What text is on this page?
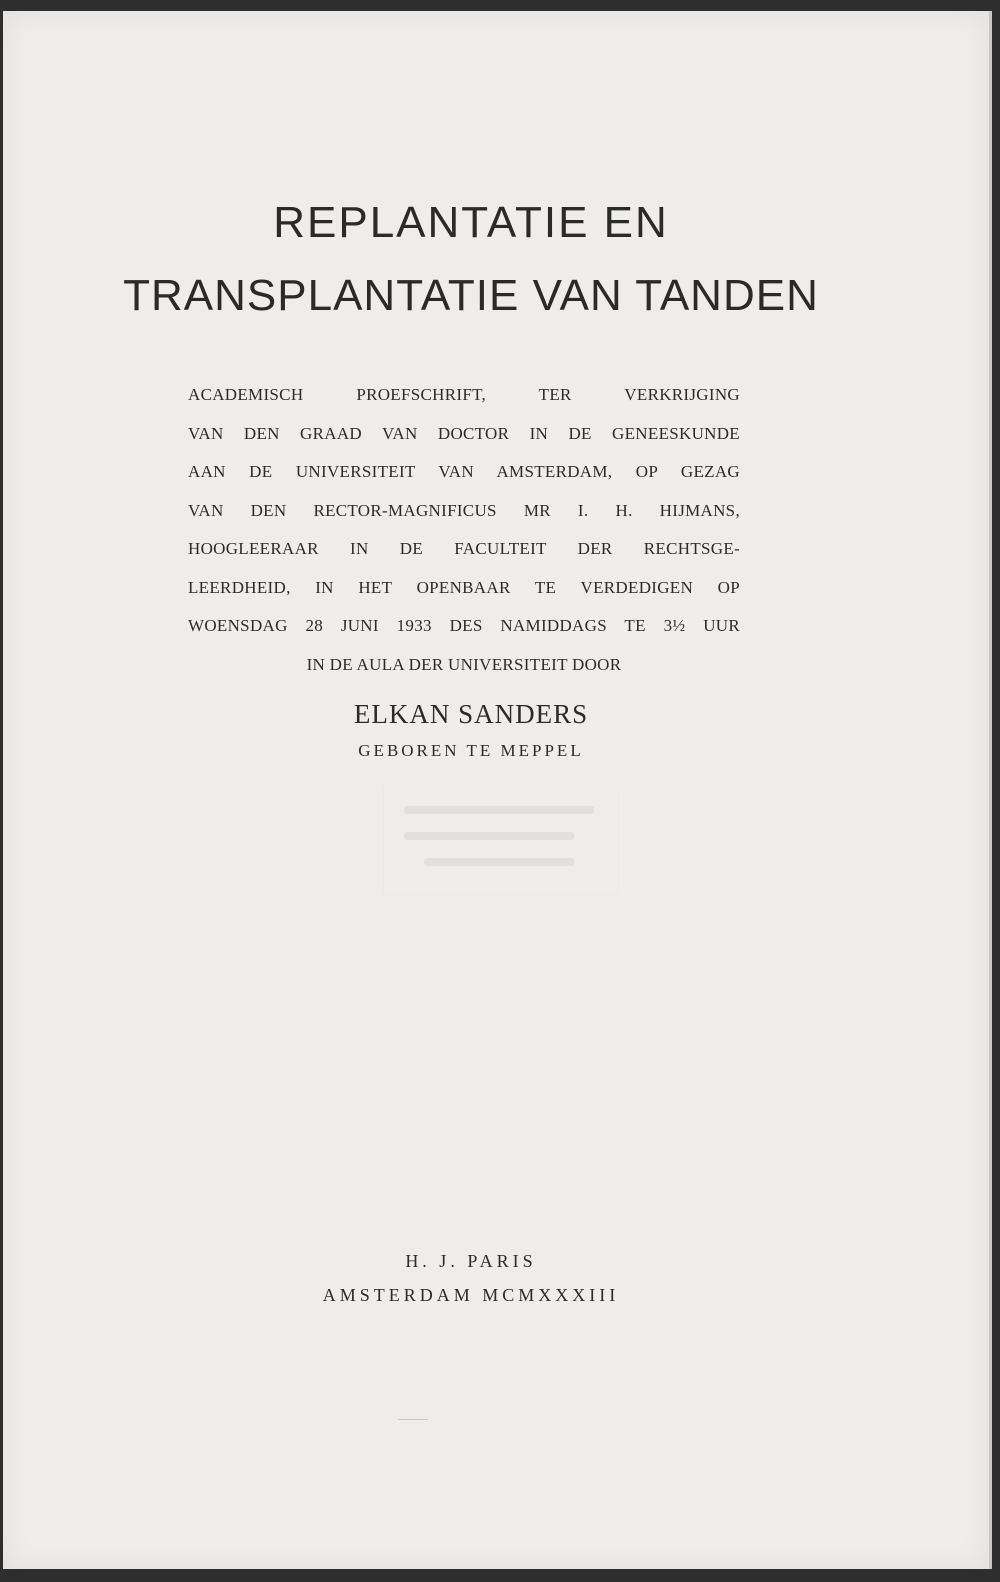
REPLANTATIE EN
TRANSPLANTATIE VAN TANDEN
ACADEMISCH PROEFSCHRIFT, TER VERKRIJGING
VAN DEN GRAAD VAN DOCTOR IN DE GENEESKUNDE
AAN DE UNIVERSITEIT VAN AMSTERDAM, OP GEZAG
VAN DEN RECTOR-MAGNIFICUS MR I. H. HIJMANS,
HOOGLEERAAR IN DE FACULTEIT DER RECHTSGE-
LEERDHEID, IN HET OPENBAAR TE VERDEDIGEN OP
WOENSDAG 28 JUNI 1933 DES NAMIDDAGS TE 3½ UUR
IN DE AULA DER UNIVERSITEIT DOOR
ELKAN SANDERS
GEBOREN TE MEPPEL
H. J. PARIS
AMSTERDAM MCMXXXIII
